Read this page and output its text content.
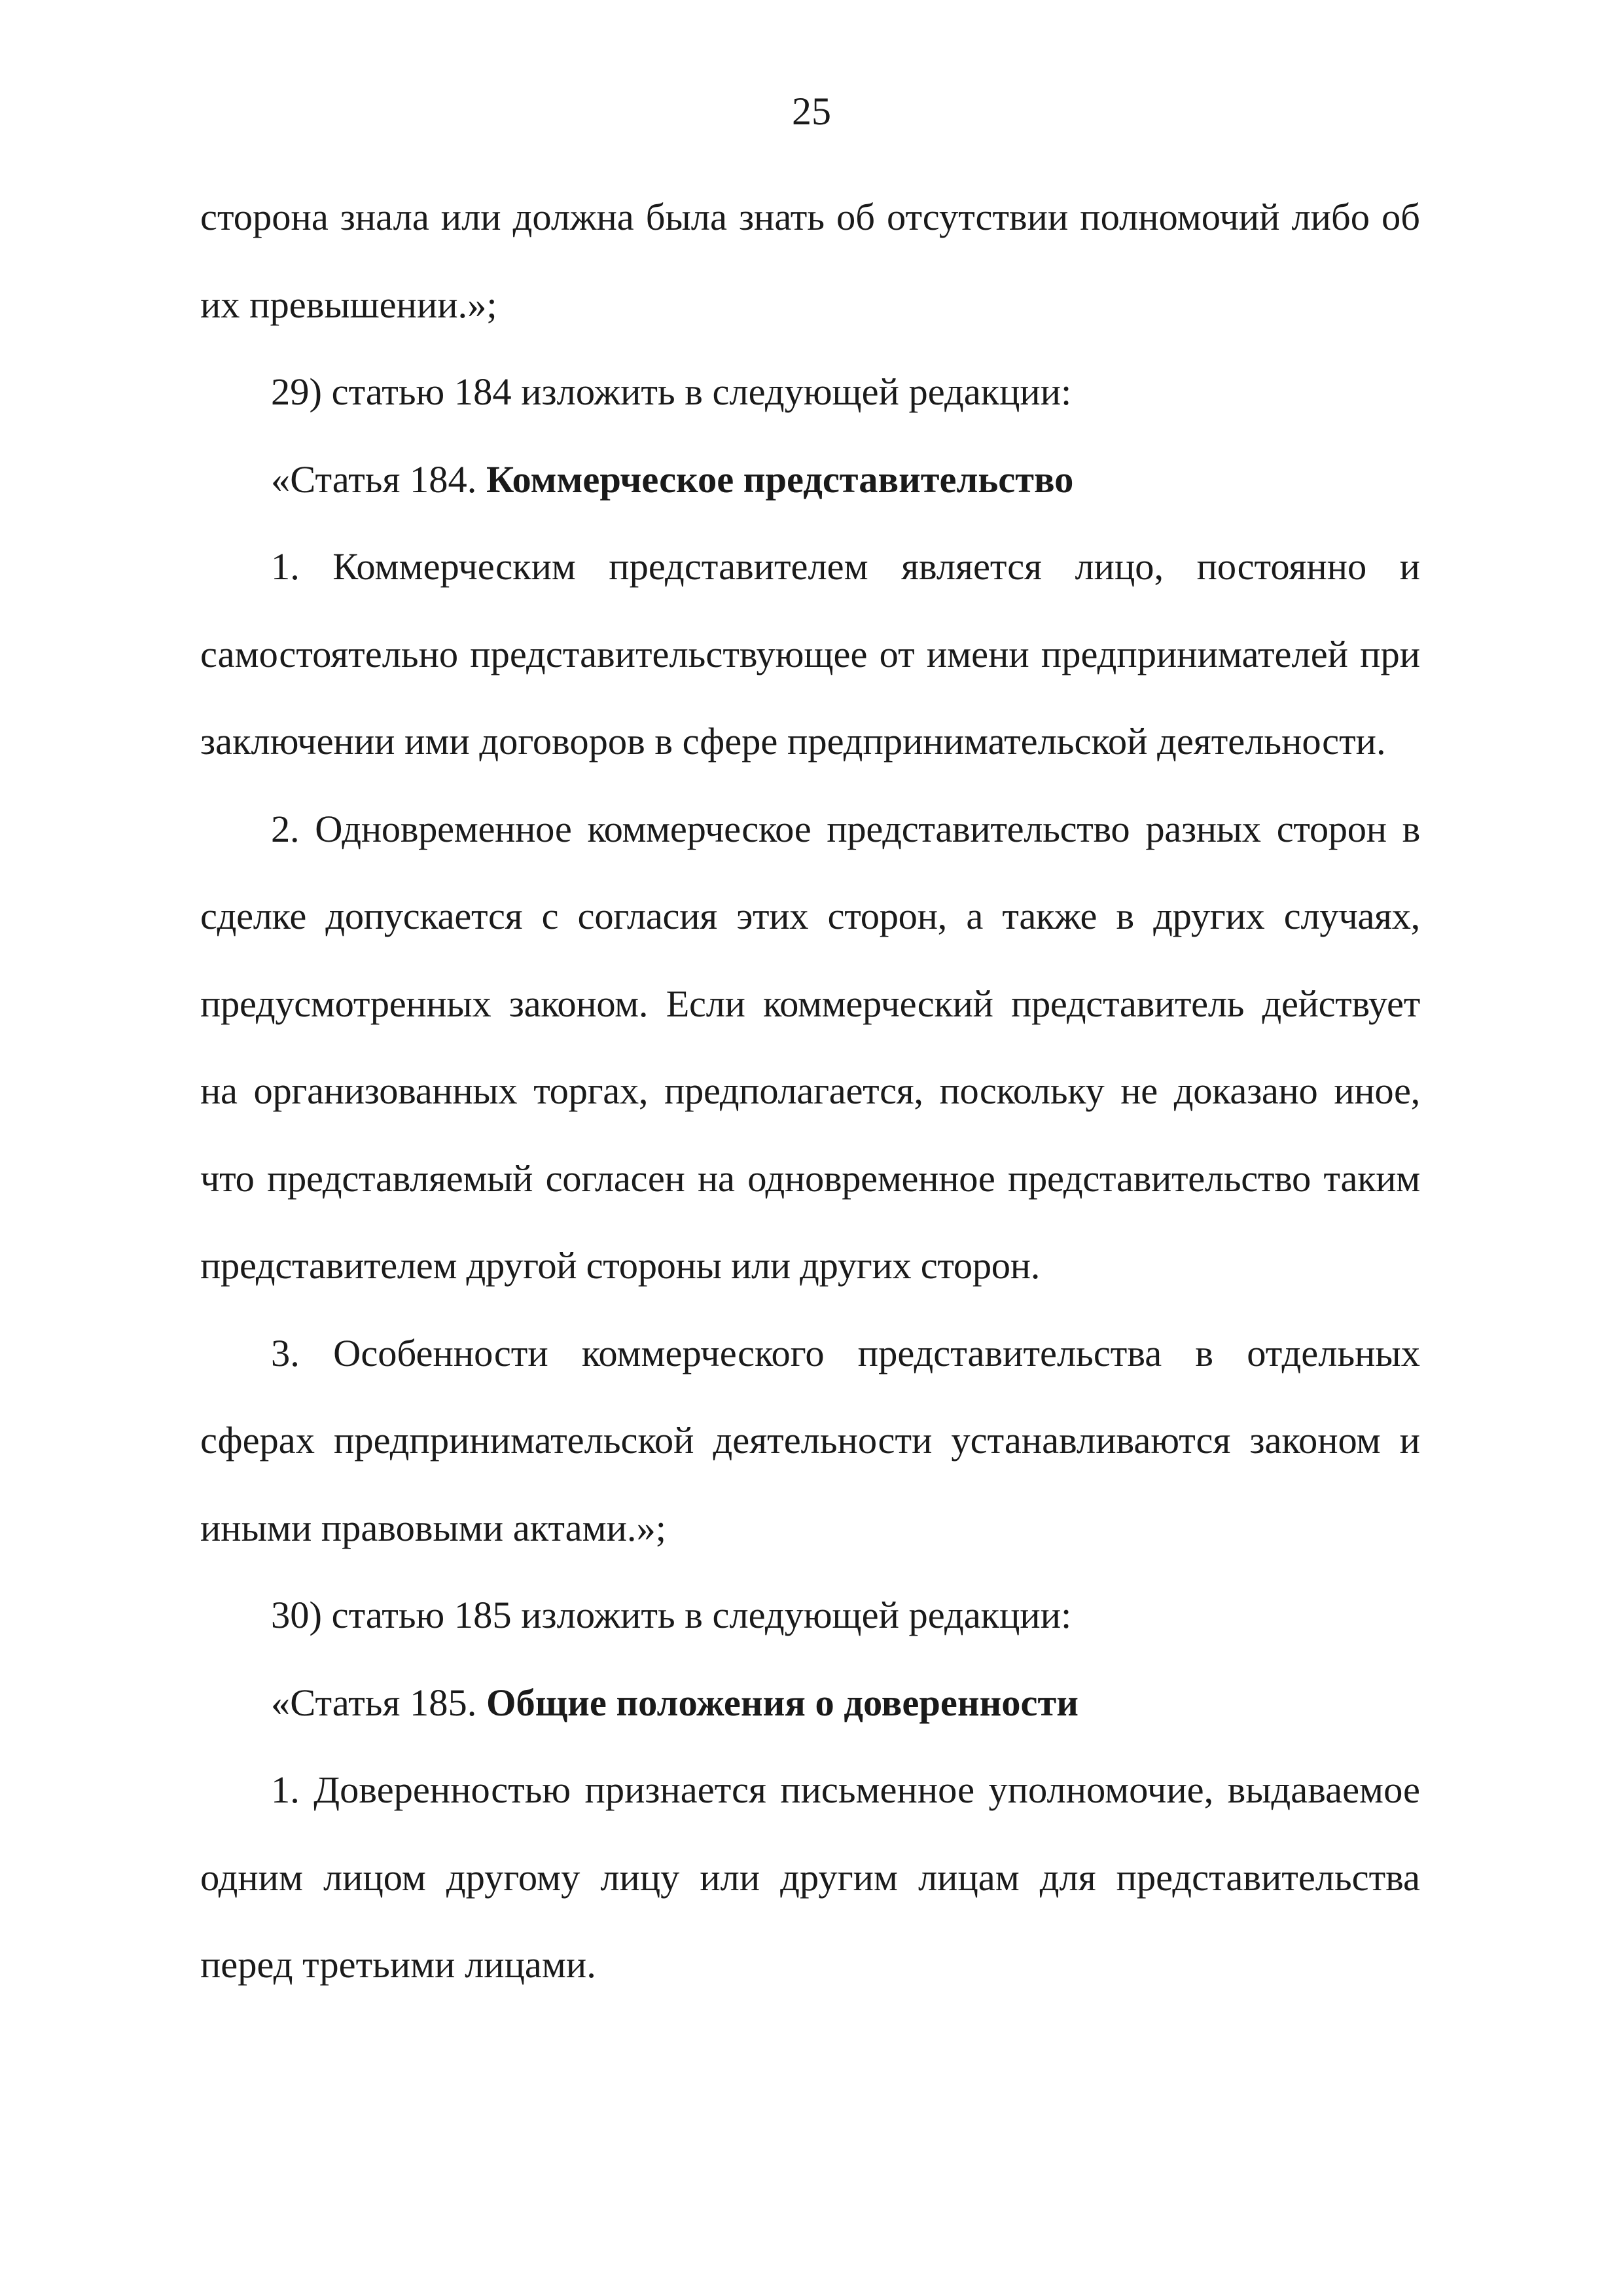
25

сторона знала или должна была знать об отсутствии полномочий либо об их превышении.»;

29) статью 184 изложить в следующей редакции:

«Статья 184. Коммерческое представительство

1. Коммерческим представителем является лицо, постоянно и самостоятельно представительствующее от имени предпринимателей при заключении ими договоров в сфере предпринимательской деятельности.

2. Одновременное коммерческое представительство разных сторон в сделке допускается с согласия этих сторон, а также в других случаях, предусмотренных законом. Если коммерческий представитель действует на организованных торгах, предполагается, поскольку не доказано иное, что представляемый согласен на одновременное представительство таким представителем другой стороны или других сторон.

3. Особенности коммерческого представительства в отдельных сферах предпринимательской деятельности устанавливаются законом и иными правовыми актами.»;

30) статью 185 изложить в следующей редакции:

«Статья 185. Общие положения о доверенности

1. Доверенностью признается письменное уполномочие, выдаваемое одним лицом другому лицу или другим лицам для представительства перед третьими лицами.
